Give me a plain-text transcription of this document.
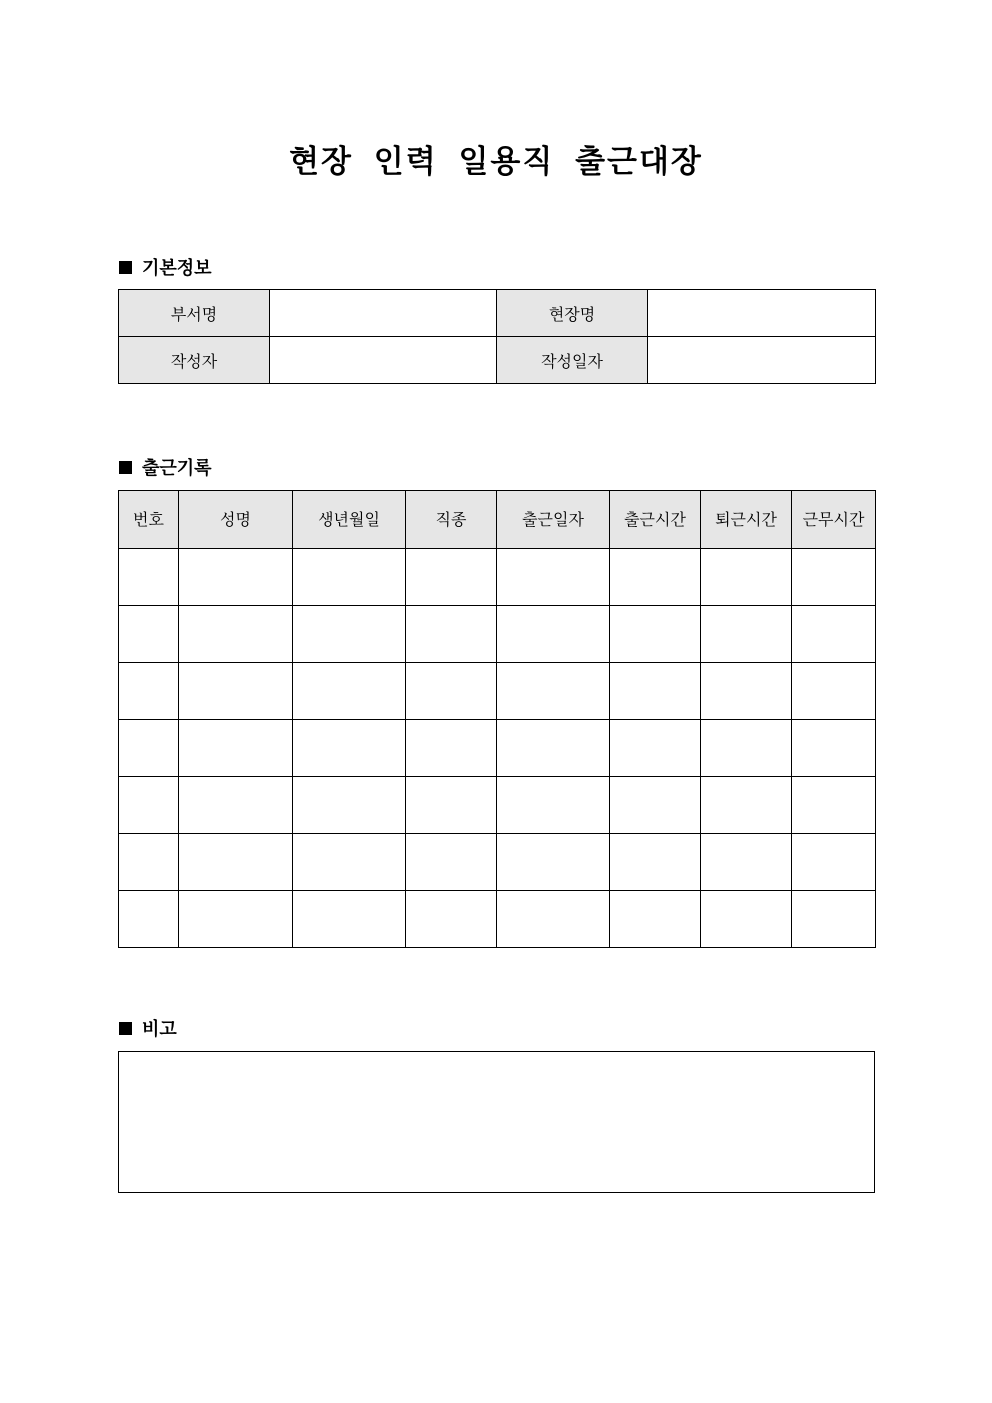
현장 인력 일용직 출근대장
기본정보
부서명		현장명	
작성자		작성일자	
출근기록
번호	성명	생년월일	직종	출근일자	출근시간	퇴근시간	근무시간

비고
